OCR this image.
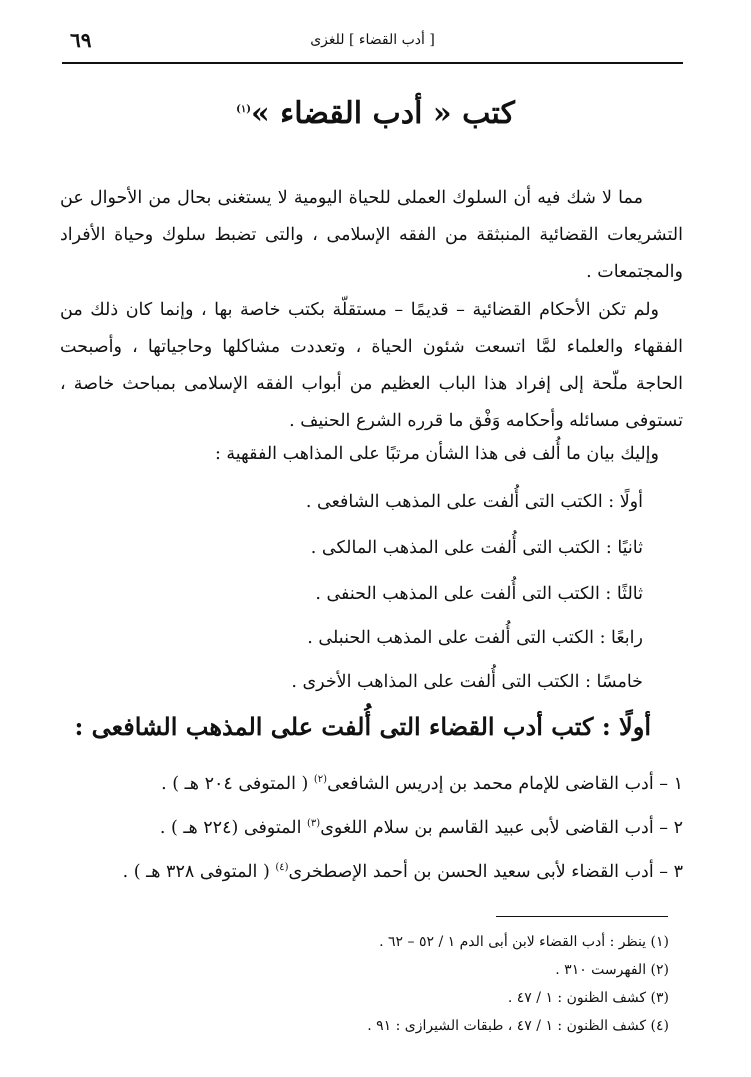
٦٩	[ أدب القضاء ] للغزى
كتب « أدب القضاء »$^{(١)}$

مما لا شك فيه أن السلوك العملى للحياة اليومية لا يستغنى بحال من الأحوال عن التشريعات القضائية المنبثقة من الفقه الإسلامى ، والتى تضبط سلوك وحياة الأفراد والمجتمعات .

ولم تكن الأحكام القضائية – قديمًا – مستقلّة بكتب خاصة بها ، وإنما كان ذلك من الفقهاء والعلماء لمَّا اتسعت شئون الحياة ، وتعددت مشاكلها وحاجياتها ، وأصبحت الحاجة ملّحة إلى إفراد هذا الباب العظيم من أبواب الفقه الإسلامى بمباحث خاصة ، تستوفى مسائله وأحكامه وَفْق ما قرره الشرع الحنيف .

وإليك بيان ما أُلف فى هذا الشأن مرتبًا على المذاهب الفقهية :
أولًا : الكتب التى أُلفت على المذهب الشافعى .
ثانيًا : الكتب التى أُلفت على المذهب المالكى .
ثالثًا : الكتب التى أُلفت على المذهب الحنفى .
رابعًا : الكتب التى أُلفت على المذهب الحنبلى .
خامسًا : الكتب التى أُلفت على المذاهب الأخرى .
أولًا : كتب أدب القضاء التى أُلفت على المذهب الشافعى :
١ – أدب القاضى للإمام محمد بن إدريس الشافعى$^{(٢)}$ ( المتوفى ٢٠٤ هـ ) .
٢ – أدب القاضى لأبى عبيد القاسم بن سلام اللغوى$^{(٣)}$ المتوفى (٢٢٤ هـ ) .
٣ – أدب القضاء لأبى سعيد الحسن بن أحمد الإصطخرى$^{(٤)}$ ( المتوفى ٣٢٨ هـ ) .
(١) ينظر : أدب القضاء لابن أبى الدم ١ / ٥٢ – ٦٢ .
(٢) الفهرست ٣١٠ .
(٣) كشف الظنون : ١ / ٤٧ .
(٤) كشف الظنون : ١ / ٤٧ ، طبقات الشيرازى : ٩١ .
